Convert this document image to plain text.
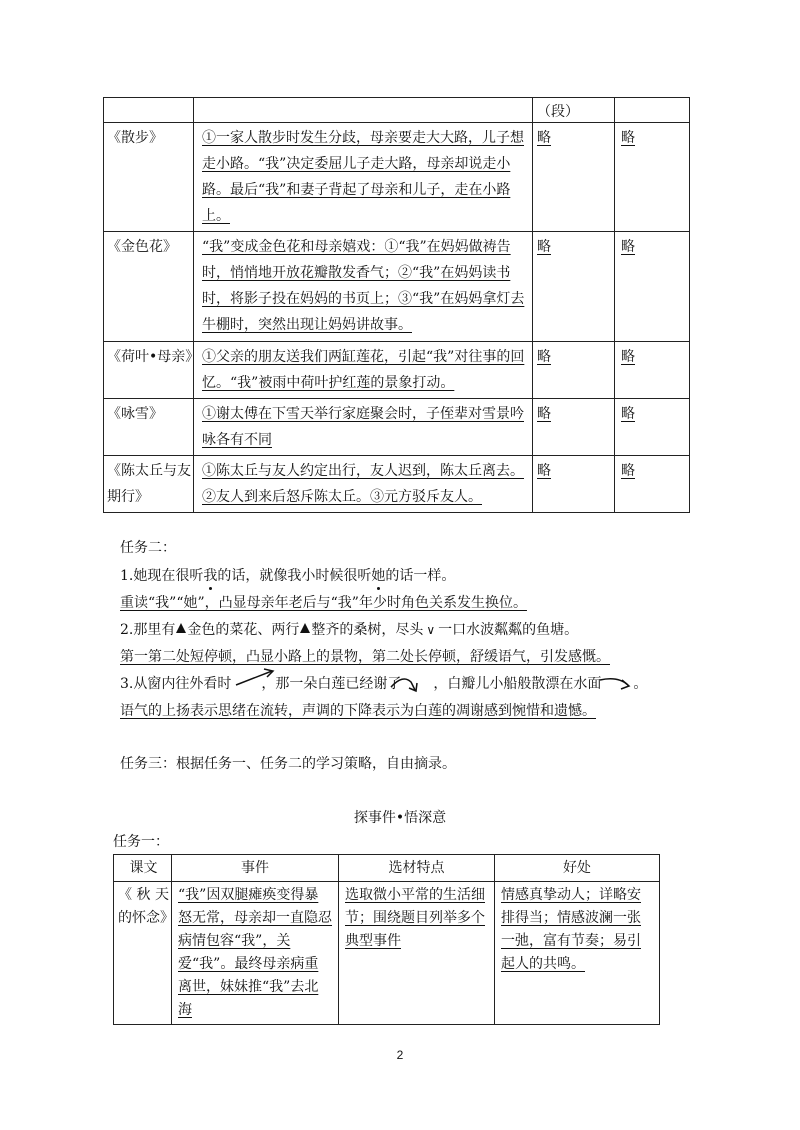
		（段）	
《散步》	①一家人散步时发生分歧，母亲要走大大路，儿子想走小路。“我”决定委屈儿子走大路，母亲却说走小路。最后“我”和妻子背起了母亲和儿子，走在小路上。	略	略
《金色花》	“我”变成金色花和母亲嬉戏：①“我”在妈妈做祷告时，悄悄地开放花瓣散发香气；②“我”在妈妈读书时，将影子投在妈妈的书页上；③“我”在妈妈拿灯去牛棚时，突然出现让妈妈讲故事。	略	略
《荷叶•母亲》	①父亲的朋友送我们两缸莲花，引起“我”对往事的回忆。“我”被雨中荷叶护红莲的景象打动。	略	略
《咏雪》	①谢太傅在下雪天举行家庭聚会时，子侄辈对雪景吟咏各有不同	略	略
《陈太丘与友期行》	①陈太丘与友人约定出行，友人迟到，陈太丘离去。②友人到来后怒斥陈太丘。③元方驳斥友人。	略	略
任务二：
1.她现在很听我的话，就像我小时候很听她的话一样。
重读“我”“她”，凸显母亲年老后与“我”年少时角色关系发生换位。
2.那里有 金色的菜花、两行 整齐的桑树，尽头 ∨ 一口水波粼粼的鱼塘。
第一第二处短停顿，凸显小路上的景物，第二处长停顿，舒缓语气，引发感慨。
3.从窗内往外看时 ，那一朵白莲已经谢了 ，白瓣儿小船般散漂在水面 。
语气的上扬表示思绪在流转，声调的下降表示为白莲的凋谢感到惋惜和遗憾。
任务三：根据任务一、任务二的学习策略，自由摘录。
探事件•悟深意
任务一：
课文	事件	选材特点	好处
《秋天的怀念》	“我”因双腿瘫痪变得暴怒无常，母亲却一直隐忍病情包容“我”，关爱“我”。最终母亲病重离世，妹妹推“我”去北海	选取微小平常的生活细节；围绕题目列举多个典型事件	情感真挚动人；详略安排得当；情感波澜一张一弛，富有节奏；易引起人的共鸣。
2
